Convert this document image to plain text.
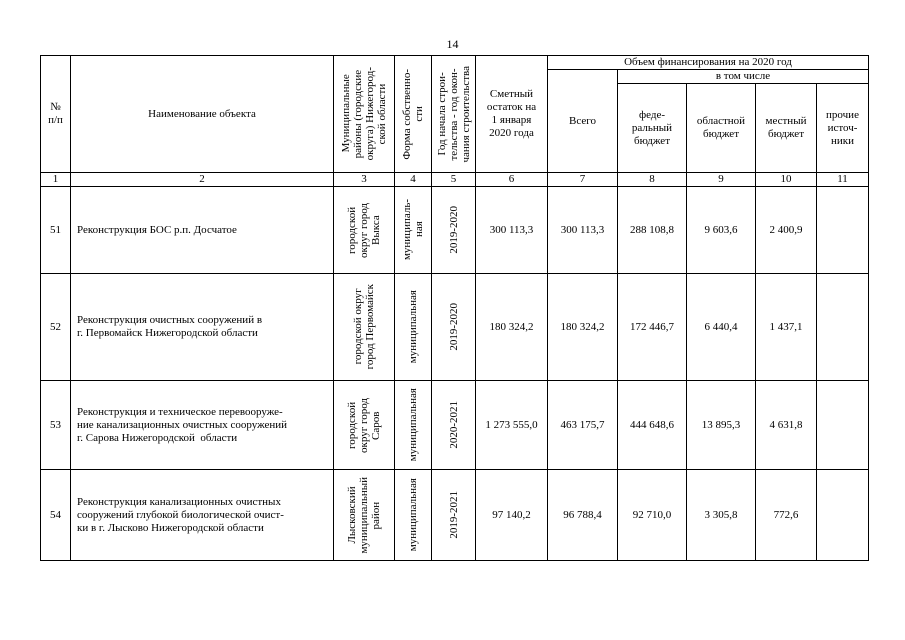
14
№
п/п	Наименование объекта	Муниципальные
районы (городские
округа) Нижегород-
ской области	Форма собственно-
сти	Год начала строи-
тельства - год окон-
чания строительства	Сметный
остаток на
1 января
2020 года	Объем финансирования на 2020 год				
						Всего	в том числе			
							феде-
ральный
бюджет	областной
бюджет	местный
бюджет	прочие
источ-
ники
1	2	3	4	5	6	7	8	9	10	11
51	Реконструкция БОС р.п. Досчатое	городской
округ город
Выкса	муниципаль-
ная	2019-2020	300 113,3	300 113,3	288 108,8	9 603,6	2 400,9	
52	Реконструкция очистных сооружений в
г. Первомайск Нижегородской области	городской округ
город Первомайск	муниципальная	2019-2020	180 324,2	180 324,2	172 446,7	6 440,4	1 437,1	
53	Реконструкция и техническое перевооруже-
ние канализационных очистных сооружений
г. Сарова Нижегородской  области	городской
округ город
Саров	муниципальная	2020-2021	1 273 555,0	463 175,7	444 648,6	13 895,3	4 631,8	
54	Реконструкция канализационных очистных
сооружений глубокой биологической очист-
ки в г. Лысково Нижегородской области	Лысковский
муниципальный
район	муниципальная	2019-2021	97 140,2	96 788,4	92 710,0	3 305,8	772,6	
